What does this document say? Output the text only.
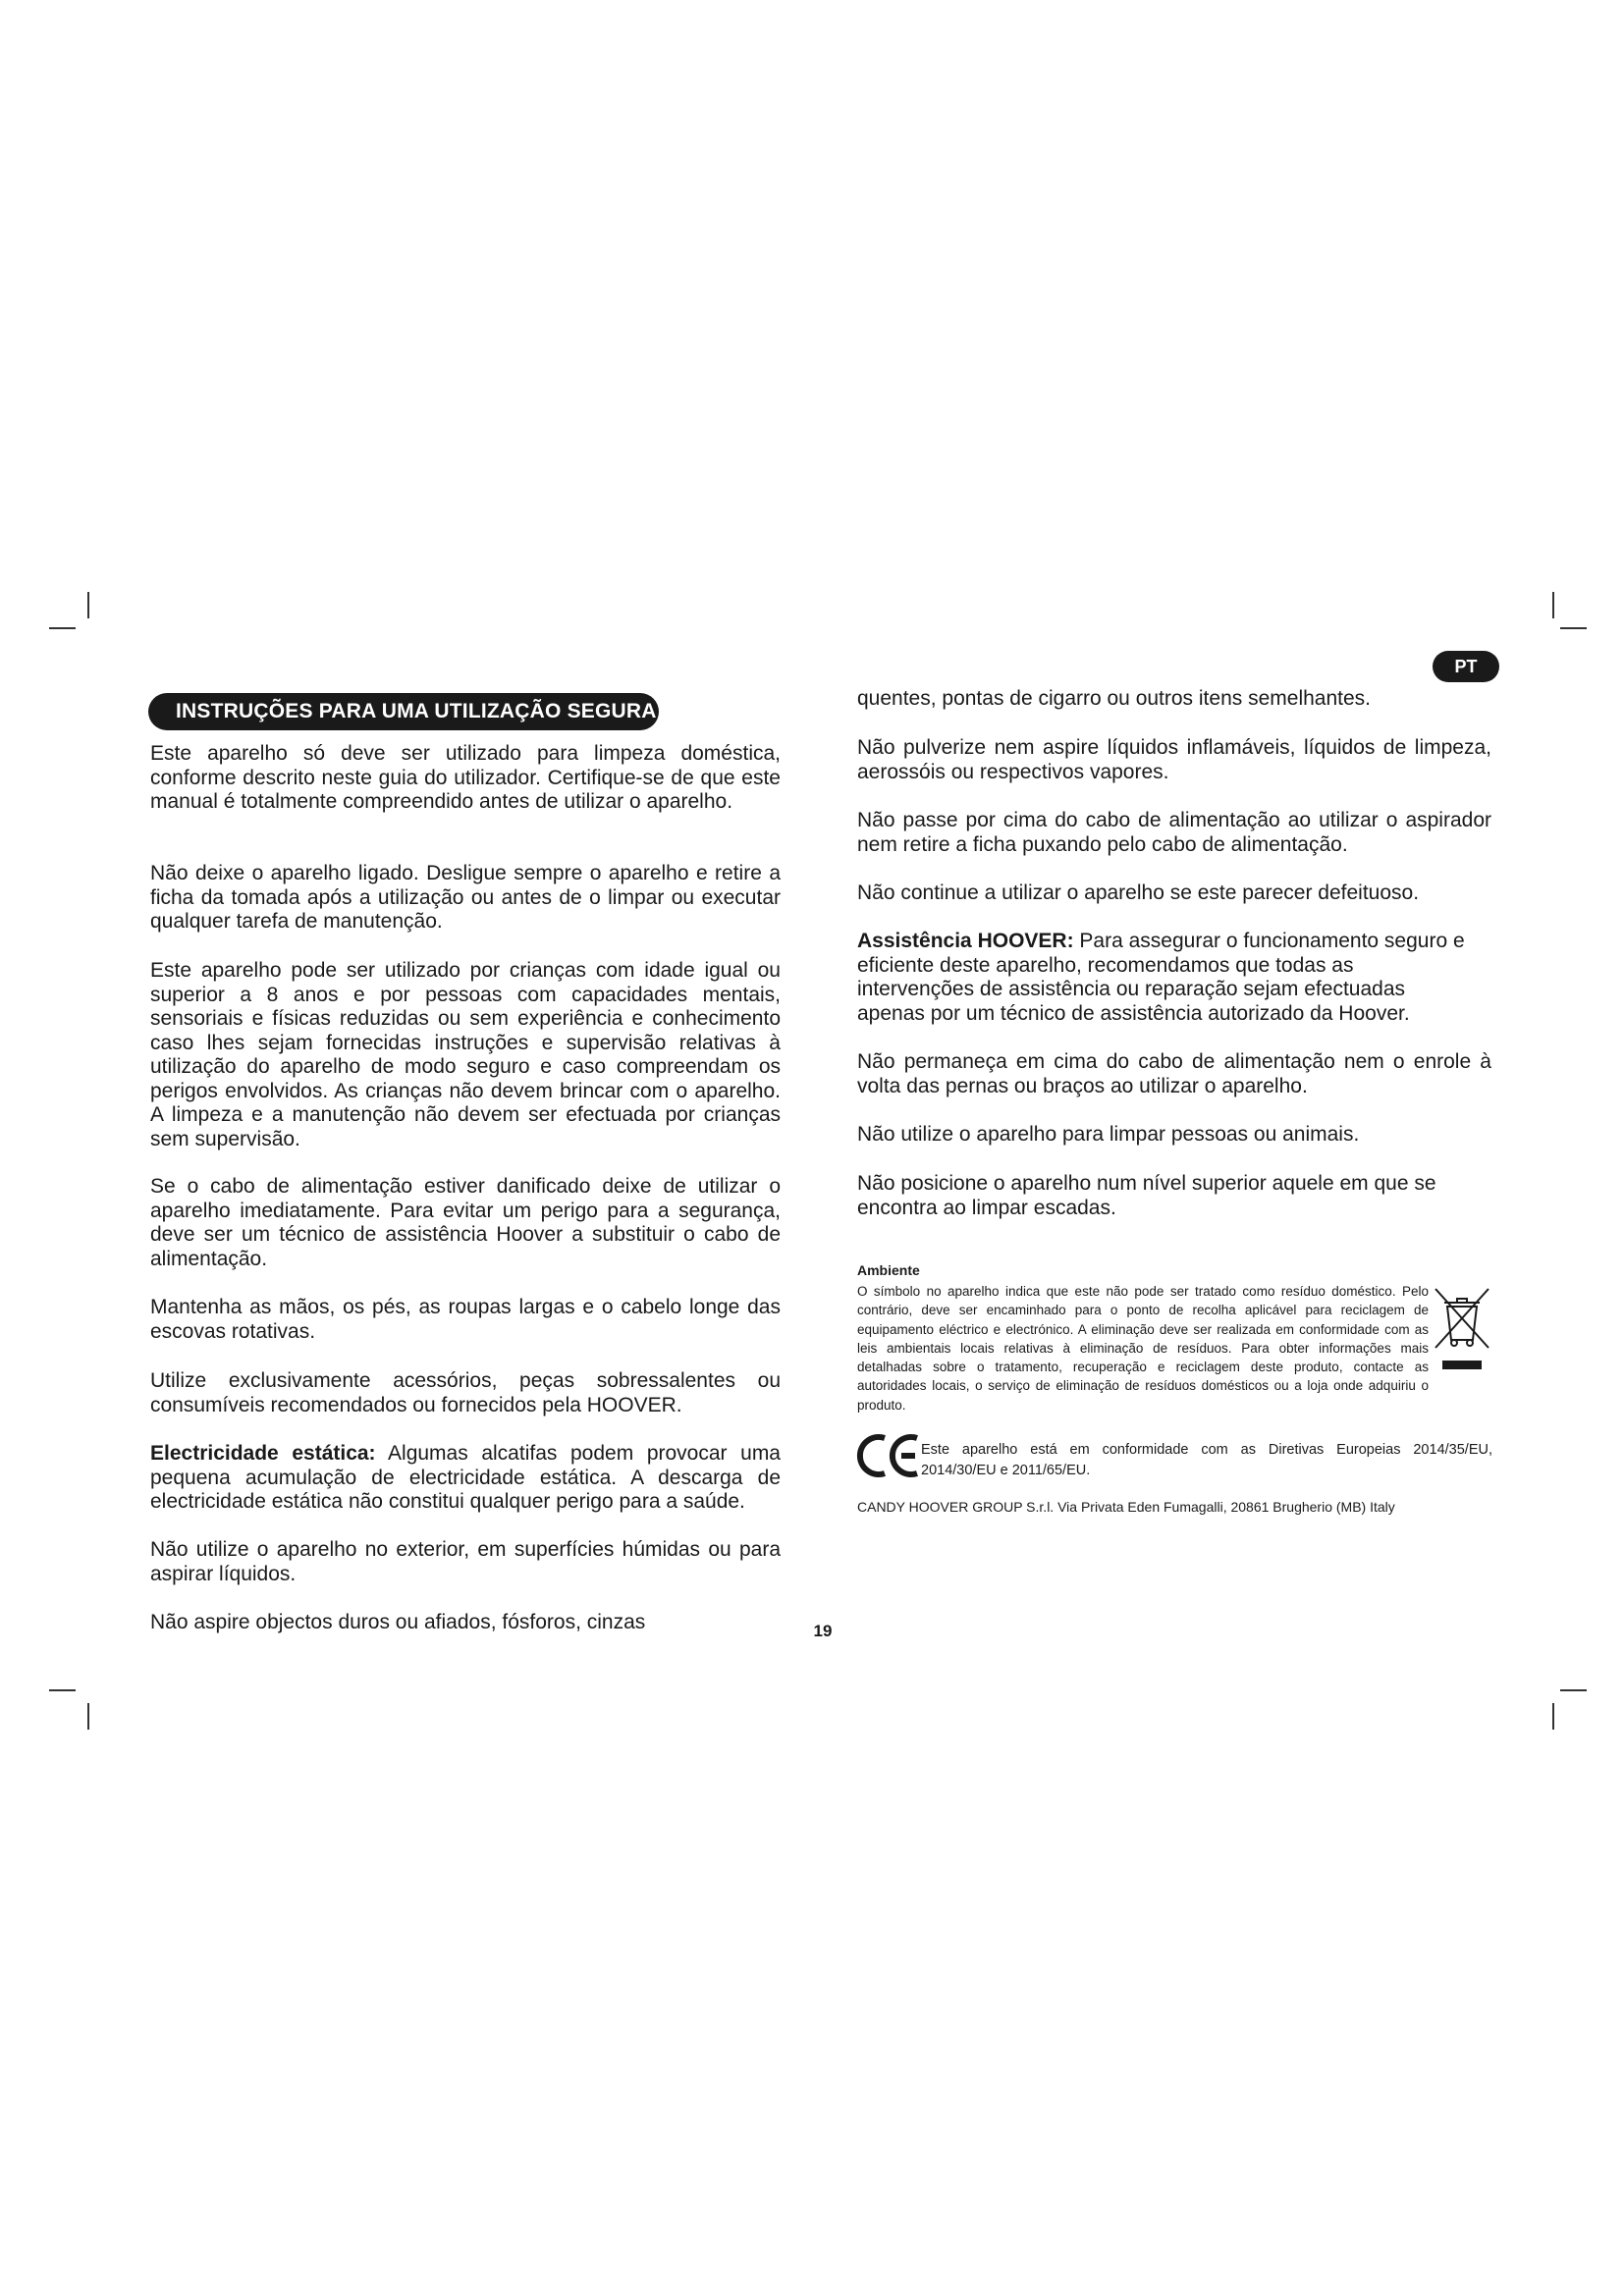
PT
INSTRUÇÕES PARA UMA UTILIZAÇÃO SEGURA

Este aparelho só deve ser utilizado para limpeza doméstica, conforme descrito neste guia do utilizador. Certifique-se de que este manual é totalmente compreendido antes de utilizar o aparelho.

Não deixe o aparelho ligado. Desligue sempre o aparelho e retire a ficha da tomada após a utilização ou antes de o limpar ou executar qualquer tarefa de manutenção.

Este aparelho pode ser utilizado por crianças com idade igual ou superior a 8 anos e por pessoas com capacidades mentais, sensoriais e físicas reduzidas ou sem experiência e conhecimento caso lhes sejam fornecidas instruções e supervisão relativas à utilização do aparelho de modo seguro e caso compreendam os perigos envolvidos. As crianças não devem brincar com o aparelho. A limpeza e a manutenção não devem ser efectuada por crianças sem supervisão.

Se o cabo de alimentação estiver danificado deixe de utilizar o aparelho imediatamente. Para evitar um perigo para a segurança, deve ser um técnico de assistência Hoover a substituir o cabo de alimentação.

Mantenha as mãos, os pés, as roupas largas e o cabelo longe das escovas rotativas.

Utilize exclusivamente acessórios, peças sobressalentes ou consumíveis recomendados ou fornecidos pela HOOVER.

Electricidade estática: Algumas alcatifas podem provocar uma pequena acumulação de electricidade estática. A descarga de electricidade estática não constitui qualquer perigo para a saúde.

Não utilize o aparelho no exterior, em superfícies húmidas ou para aspirar líquidos.

Não aspire objectos duros ou afiados, fósforos, cinzas

quentes, pontas de cigarro ou outros itens semelhantes.

Não pulverize nem aspire líquidos inflamáveis, líquidos de limpeza, aerossóis ou respectivos vapores.

Não passe por cima do cabo de alimentação ao utilizar o aspirador nem retire a ficha puxando pelo cabo de alimentação.

Não continue a utilizar o aparelho se este parecer defeituoso.

Assistência HOOVER: Para assegurar o funcionamento seguro e eficiente deste aparelho, recomendamos que todas as intervenções de assistência ou reparação sejam efectuadas apenas por um técnico de assistência autorizado da Hoover.

Não permaneça em cima do cabo de alimentação nem o enrole à volta das pernas ou braços ao utilizar o aparelho.

Não utilize o aparelho para limpar pessoas ou animais.

Não posicione o aparelho num nível superior aquele em que se encontra ao limpar escadas.

Ambiente
O símbolo no aparelho indica que este não pode ser tratado como resíduo doméstico. Pelo contrário, deve ser encaminhado para o ponto de recolha aplicável para reciclagem de equipamento eléctrico e electrónico. A eliminação deve ser realizada em conformidade com as leis ambientais locais relativas à eliminação de resíduos. Para obter informações mais detalhadas sobre o tratamento, recuperação e reciclagem deste produto, contacte as autoridades locais, o serviço de eliminação de resíduos domésticos ou a loja onde adquiriu o produto.
Este aparelho está em conformidade com as Diretivas Europeias 2014/35/EU, 2014/30/EU e 2011/65/EU.
CANDY HOOVER GROUP S.r.l. Via Privata Eden Fumagalli, 20861 Brugherio (MB) Italy
19
